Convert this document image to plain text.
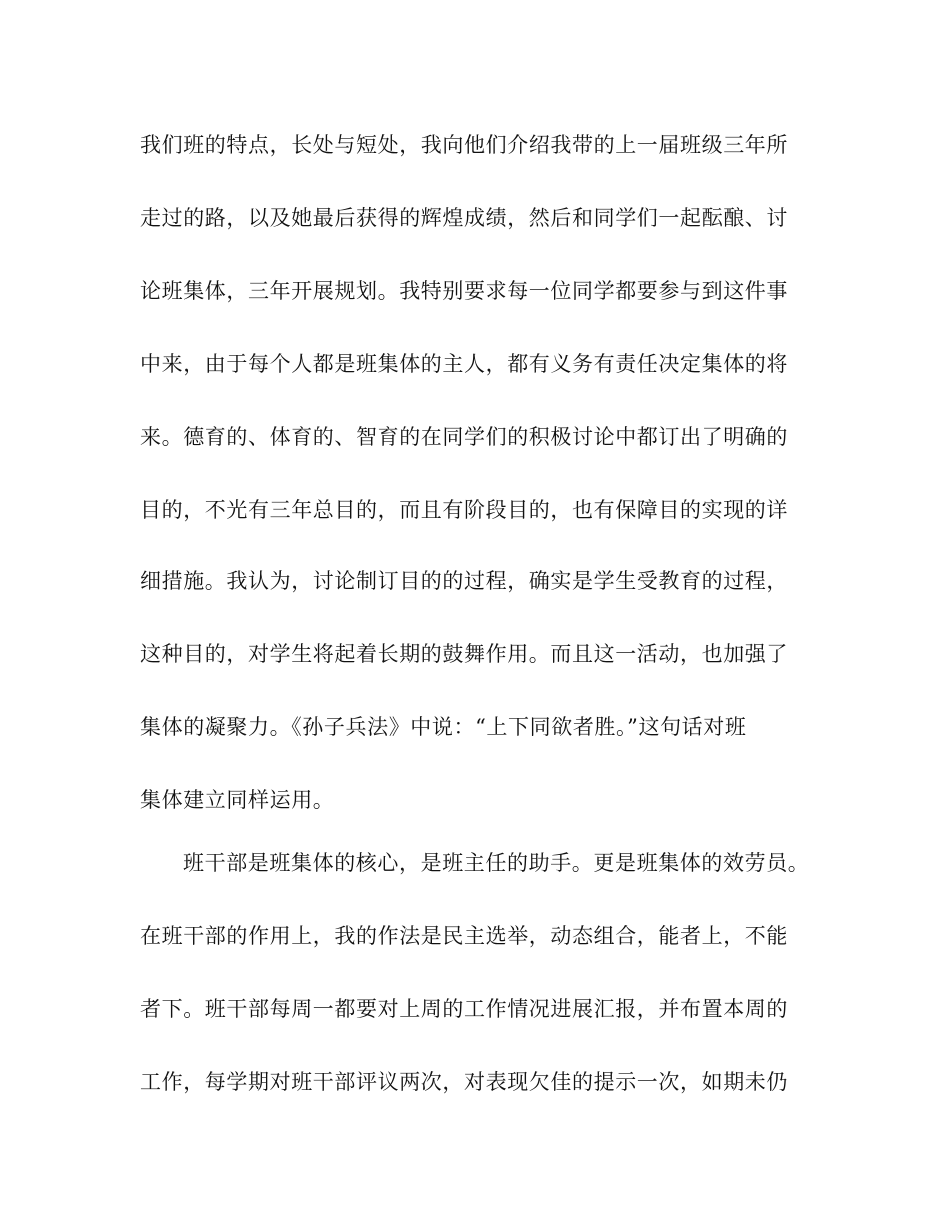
我们班的特点，长处与短处，我向他们介绍我带的上一届班级三年所

走过的路，以及她最后获得的辉煌成绩，然后和同学们一起酝酿、讨

论班集体，三年开展规划。我特别要求每一位同学都要参与到这件事

中来，由于每个人都是班集体的主人，都有义务有责任决定集体的将

来。德育的、体育的、智育的在同学们的积极讨论中都订出了明确的

目的，不光有三年总目的，而且有阶段目的，也有保障目的实现的详

细措施。我认为，讨论制订目的的过程，确实是学生受教育的过程，

这种目的，对学生将起着长期的鼓舞作用。而且这一活动，也加强了

集体的凝聚力。《孙子兵法》中说：“上下同欲者胜。”这句话对班

集体建立同样运用。

班干部是班集体的核心，是班主任的助手。更是班集体的效劳员。

在班干部的作用上，我的作法是民主选举，动态组合，能者上，不能

者下。班干部每周一都要对上周的工作情况进展汇报，并布置本周的

工作，每学期对班干部评议两次，对表现欠佳的提示一次，如期未仍
